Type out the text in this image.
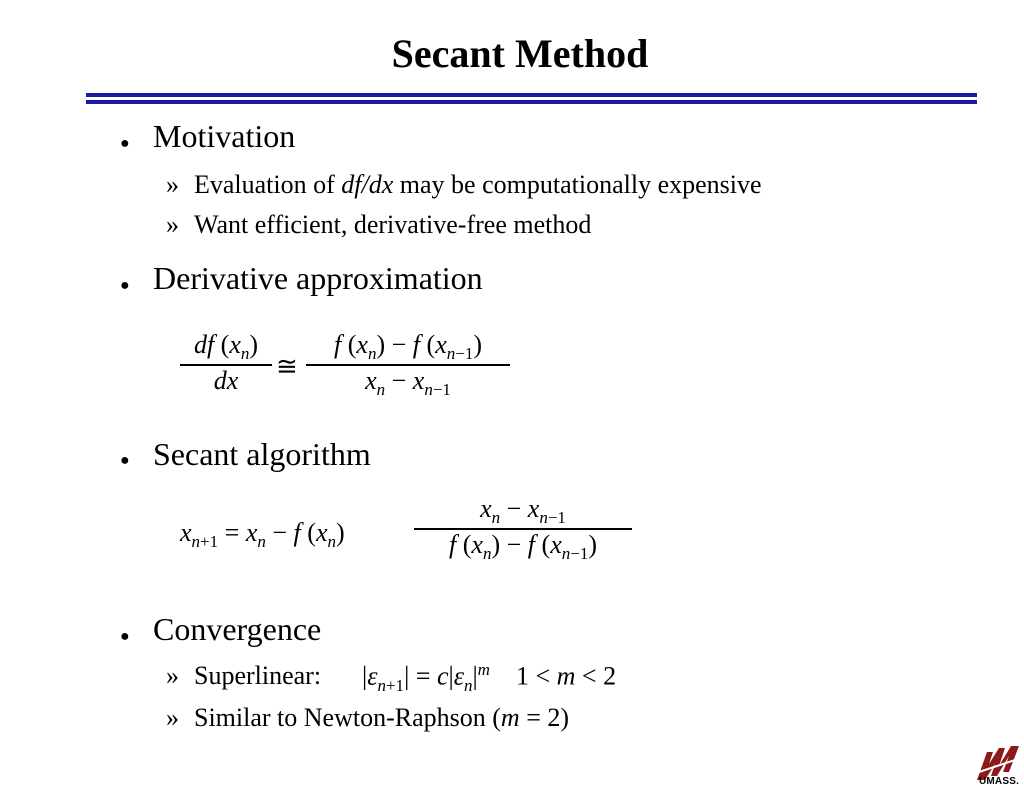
Secant Method
● Motivation
» Evaluation of df/dx may be computationally expensive
» Want efficient, derivative-free method
● Derivative approximation
df $(x_n)$
dx	≅
f $(x_n) - f$ $(x_{n-1})$
$x_n - x_{n-1}$
● Secant algorithm
$x_{n+1} = x_n - f$ $(x_n)$
$x_n - x_{n-1}$
f $(x_n) - f$ $(x_{n-1})$
● Convergence
» Superlinear: $|\varepsilon_{n+1}| = c|\varepsilon_n|^m$    1 < m < 2
» Similar to Newton-Raphson (m = 2)
UMASS.
